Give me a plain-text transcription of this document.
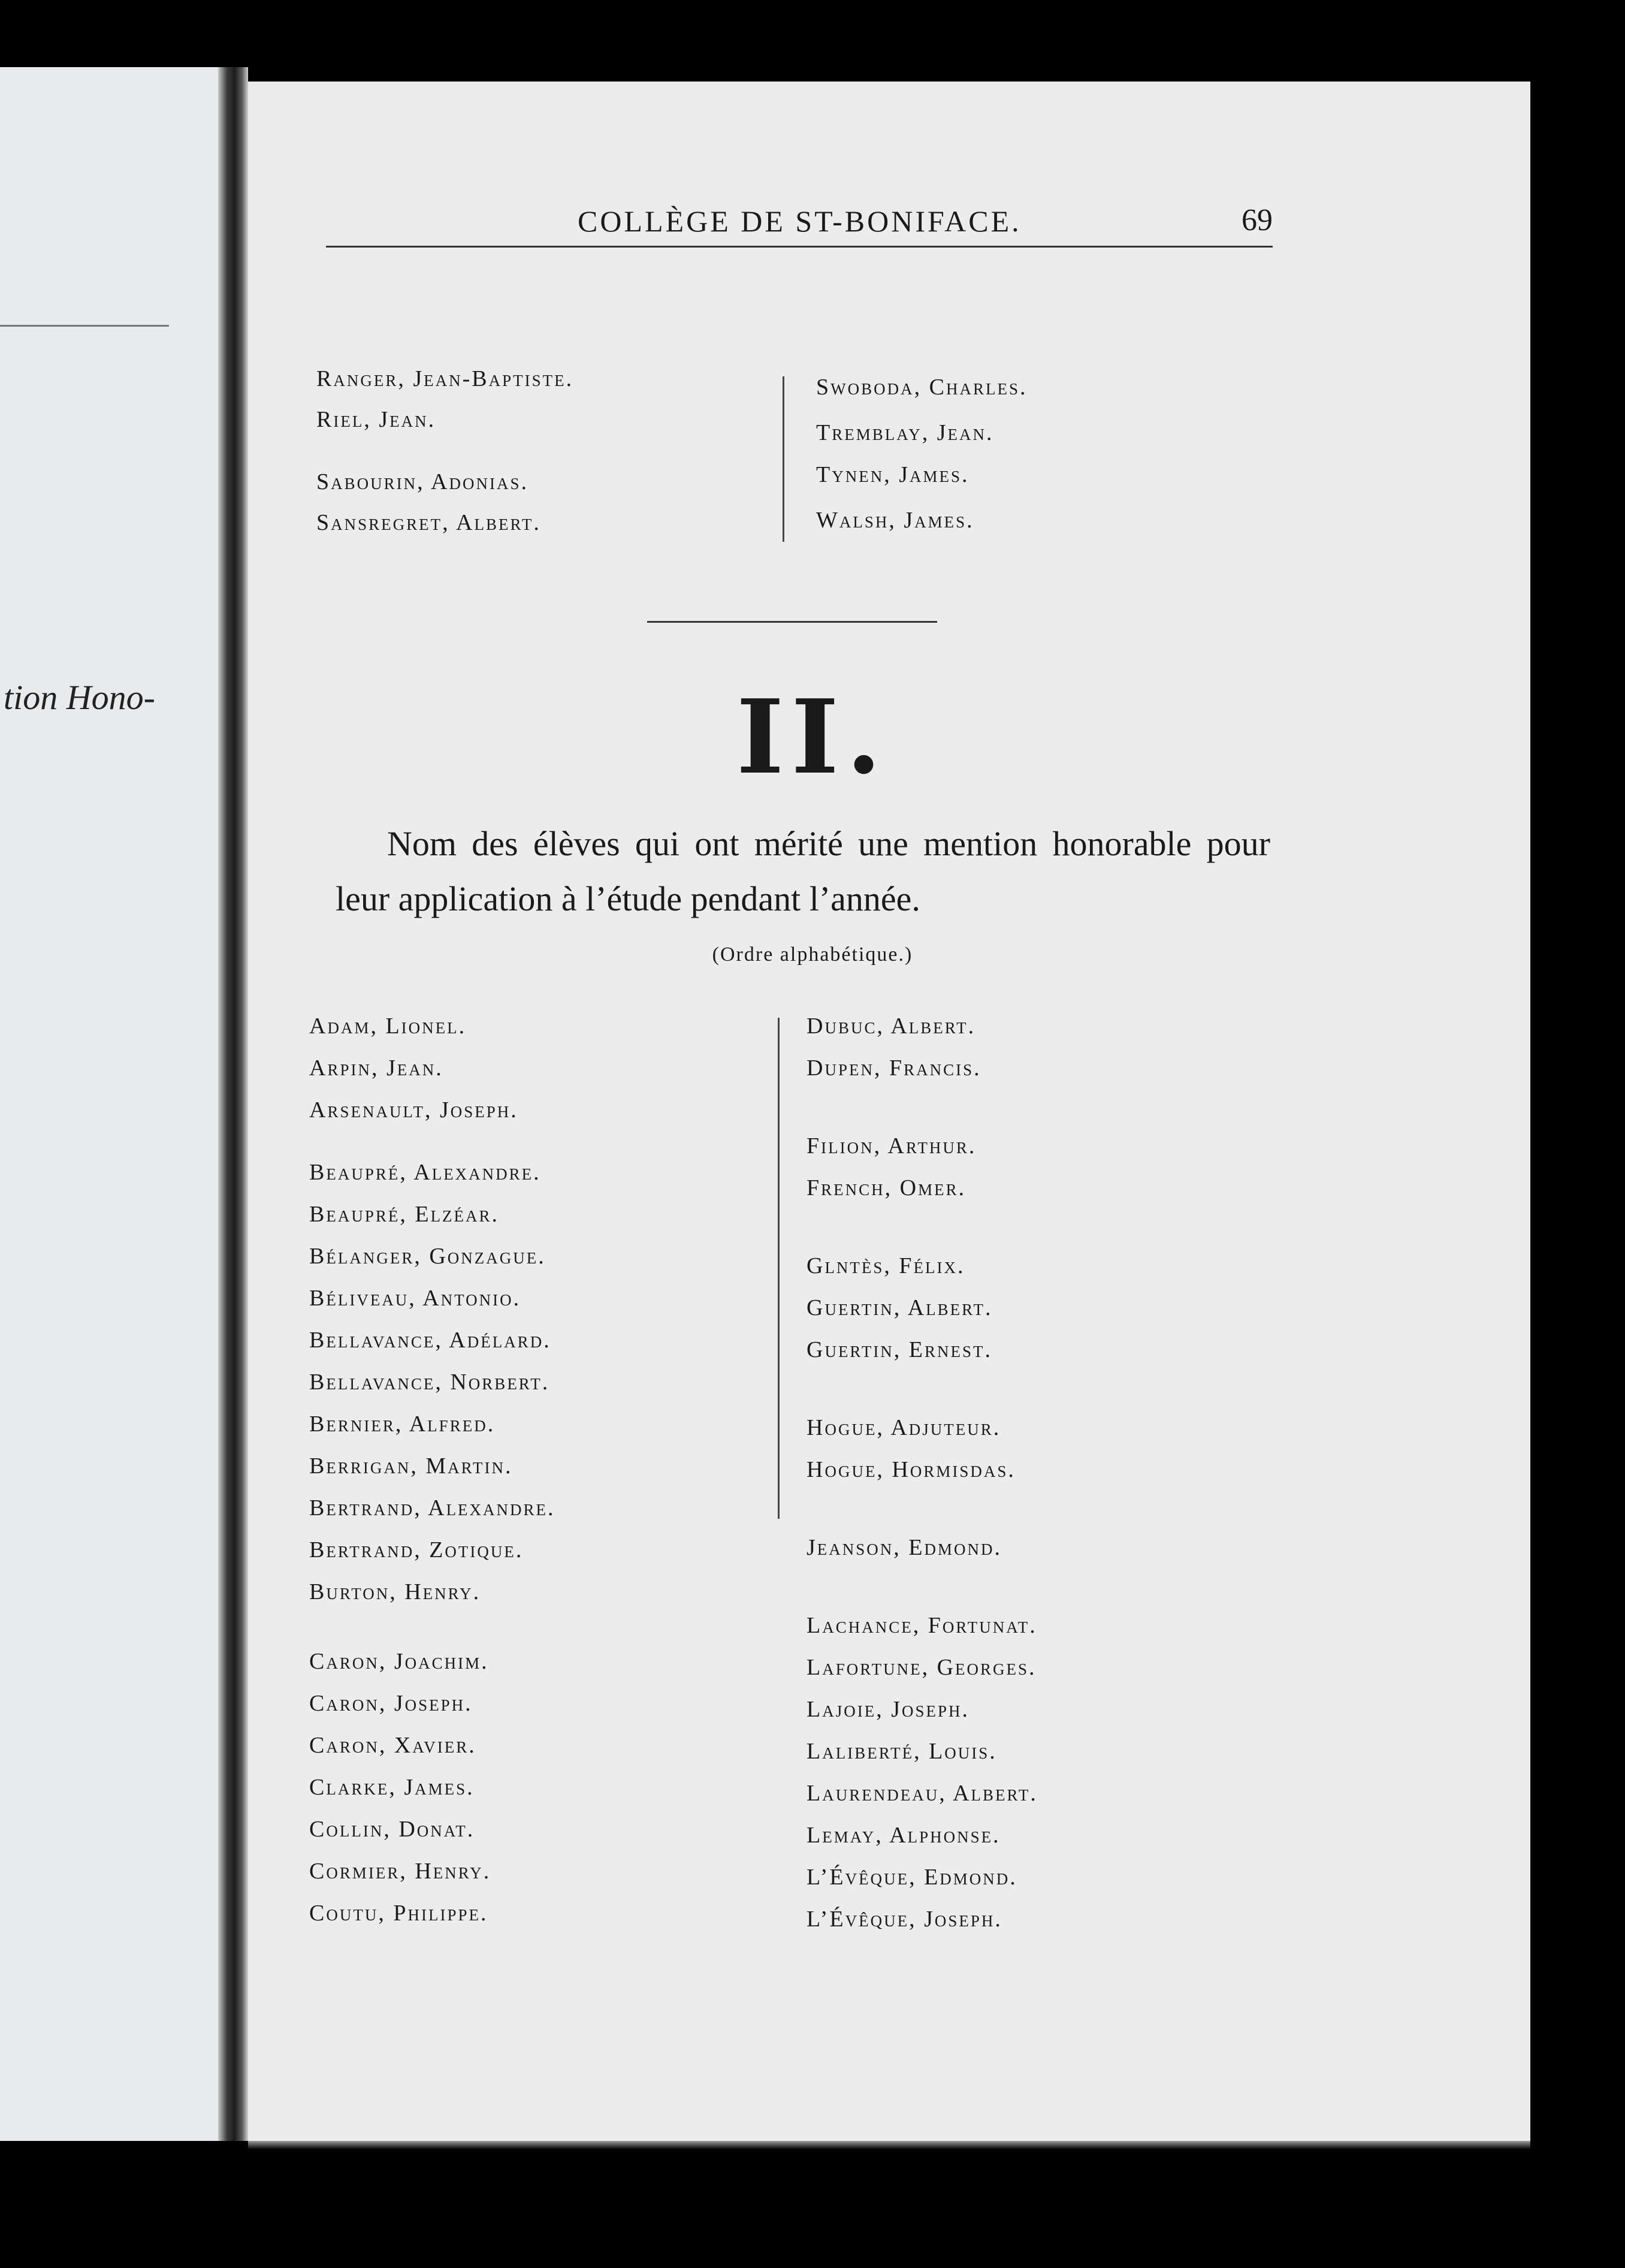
tion Hono-
COLLÈGE DE ST-BONIFACE.	69
Ranger, Jean-Baptiste.
Riel, Jean.
Sabourin, Adonias.
Sansregret, Albert.
Swoboda, Charles.
Tremblay, Jean.
Tynen, James.
Walsh, James.
II.
Nom des élèves qui ont mérité une mention honorable pour leur application à l’étude pendant l’année.
(Ordre alphabétique.)
Adam, Lionel.
Arpin, Jean.
Arsenault, Joseph.
Beaupré, Alexandre.
Beaupré, Elzéar.
Bélanger, Gonzague.
Béliveau, Antonio.
Bellavance, Adélard.
Bellavance, Norbert.
Bernier, Alfred.
Berrigan, Martin.
Bertrand, Alexandre.
Bertrand, Zotique.
Burton, Henry.
Caron, Joachim.
Caron, Joseph.
Caron, Xavier.
Clarke, James.
Collin, Donat.
Cormier, Henry.
Coutu, Philippe.
Dubuc, Albert.
Dupen, Francis.
Filion, Arthur.
French, Omer.
Glntès, Félix.
Guertin, Albert.
Guertin, Ernest.
Hogue, Adjuteur.
Hogue, Hormisdas.
Jeanson, Edmond.
Lachance, Fortunat.
Lafortune, Georges.
Lajoie, Joseph.
Laliberté, Louis.
Laurendeau, Albert.
Lemay, Alphonse.
L’Évêque, Edmond.
L’Évêque, Joseph.
